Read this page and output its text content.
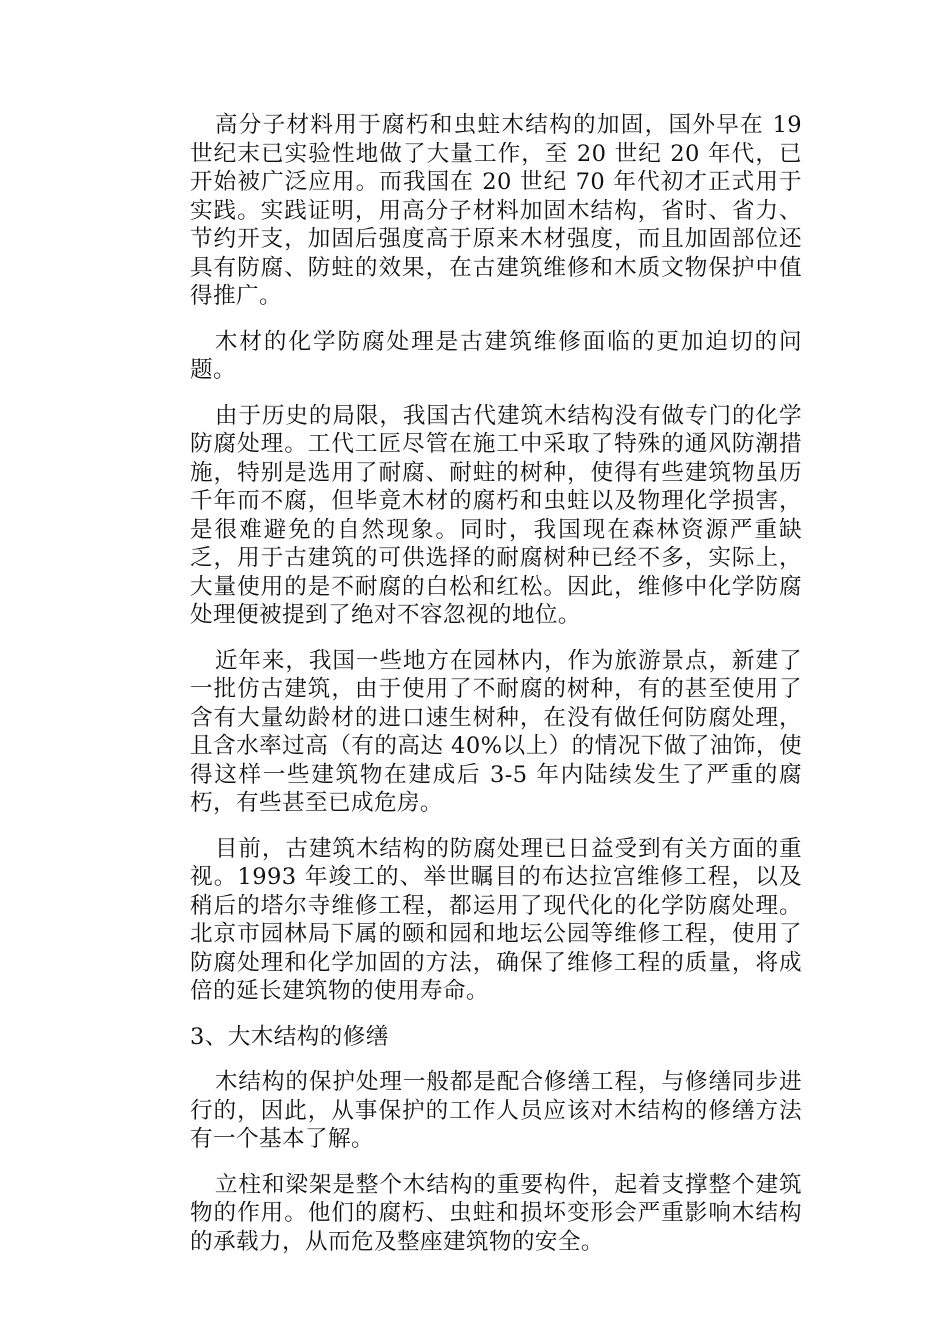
高分子材料用于腐朽和虫蛀木结构的加固，国外早在 19 世纪末已实验性地做了大量工作，至 20 世纪 20 年代，已开始被广泛应用。而我国在 20 世纪 70 年代初才正式用于实践。实践证明，用高分子材料加固木结构，省时、省力、节约开支，加固后强度高于原来木材强度，而且加固部位还具有防腐、防蛀的效果，在古建筑维修和木质文物保护中值得推广。

木材的化学防腐处理是古建筑维修面临的更加迫切的问题。

由于历史的局限，我国古代建筑木结构没有做专门的化学防腐处理。工代工匠尽管在施工中采取了特殊的通风防潮措施，特别是选用了耐腐、耐蛀的树种，使得有些建筑物虽历千年而不腐，但毕竟木材的腐朽和虫蛀以及物理化学损害，是很难避免的自然现象。同时，我国现在森林资源严重缺乏，用于古建筑的可供选择的耐腐树种已经不多，实际上，大量使用的是不耐腐的白松和红松。因此，维修中化学防腐处理便被提到了绝对不容忽视的地位。

近年来，我国一些地方在园林内，作为旅游景点，新建了一批仿古建筑，由于使用了不耐腐的树种，有的甚至使用了含有大量幼龄材的进口速生树种，在没有做任何防腐处理，且含水率过高（有的高达 40%以上）的情况下做了油饰，使得这样一些建筑物在建成后 3-5 年内陆续发生了严重的腐朽，有些甚至已成危房。

目前，古建筑木结构的防腐处理已日益受到有关方面的重视。1993 年竣工的、举世瞩目的布达拉宫维修工程，以及稍后的塔尔寺维修工程，都运用了现代化的化学防腐处理。北京市园林局下属的颐和园和地坛公园等维修工程，使用了防腐处理和化学加固的方法，确保了维修工程的质量，将成倍的延长建筑物的使用寿命。

3、大木结构的修缮

木结构的保护处理一般都是配合修缮工程，与修缮同步进行的，因此，从事保护的工作人员应该对木结构的修缮方法有一个基本了解。

立柱和梁架是整个木结构的重要构件，起着支撑整个建筑物的作用。他们的腐朽、虫蛀和损坏变形会严重影响木结构的承载力，从而危及整座建筑物的安全。
